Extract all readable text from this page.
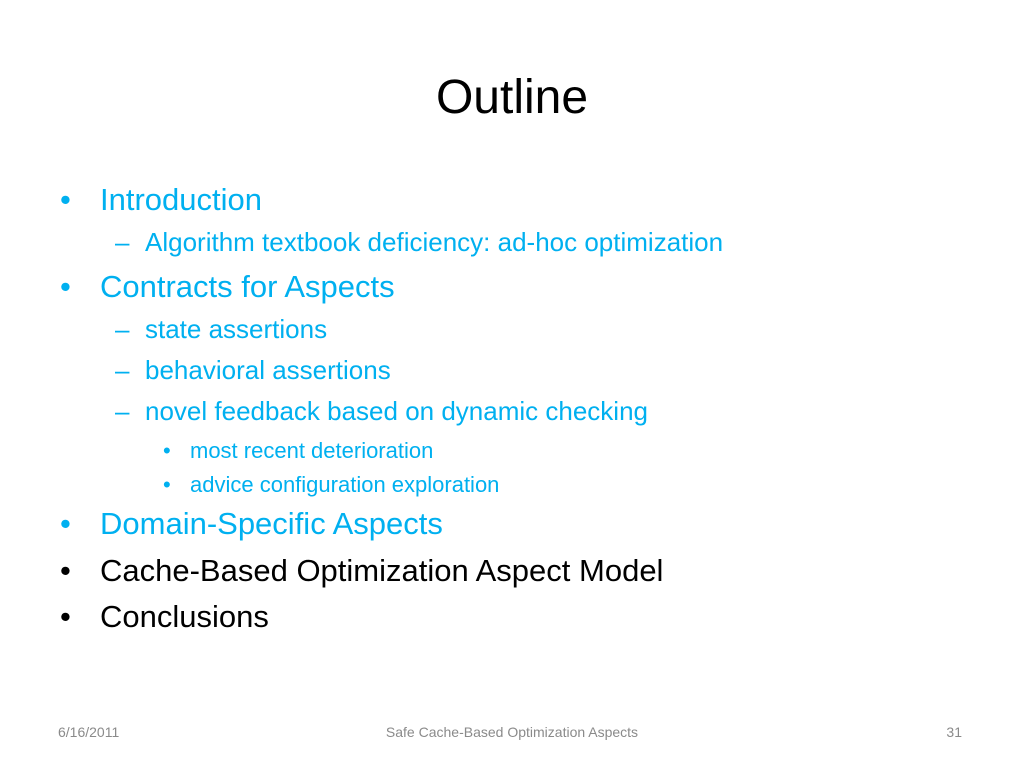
Outline
• Introduction
– Algorithm textbook deficiency: ad-hoc optimization
• Contracts for Aspects
– state assertions
– behavioral assertions
– novel feedback based on dynamic checking
• most recent deterioration
• advice configuration exploration
• Domain-Specific Aspects
• Cache-Based Optimization Aspect Model
• Conclusions
6/16/2011	Safe Cache-Based Optimization Aspects	31
